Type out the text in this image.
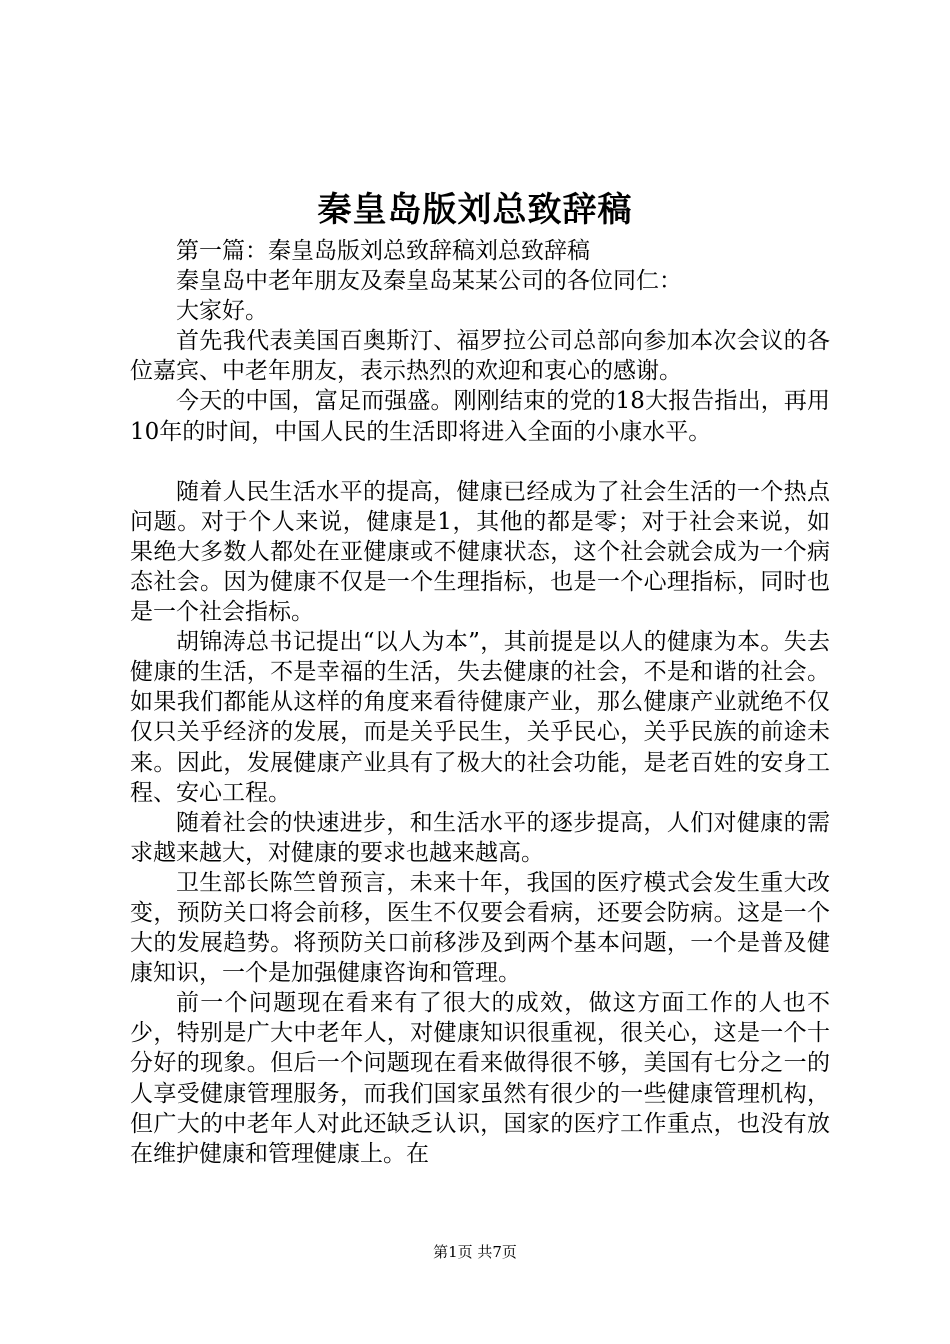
秦皇岛版刘总致辞稿

第一篇：秦皇岛版刘总致辞稿刘总致辞稿

秦皇岛中老年朋友及秦皇岛某某公司的各位同仁：

大家好。

首先我代表美国百奥斯汀、福罗拉公司总部向参加本次会议的各位嘉宾、中老年朋友，表示热烈的欢迎和衷心的感谢。

今天的中国，富足而强盛。刚刚结束的党的18大报告指出，再用10年的时间，中国人民的生活即将进入全面的小康水平。

随着人民生活水平的提高，健康已经成为了社会生活的一个热点问题。对于个人来说，健康是1，其他的都是零；对于社会来说，如果绝大多数人都处在亚健康或不健康状态，这个社会就会成为一个病态社会。因为健康不仅是一个生理指标，也是一个心理指标，同时也是一个社会指标。

胡锦涛总书记提出“以人为本”，其前提是以人的健康为本。失去健康的生活，不是幸福的生活，失去健康的社会，不是和谐的社会。如果我们都能从这样的角度来看待健康产业，那么健康产业就绝不仅仅只关乎经济的发展，而是关乎民生，关乎民心，关乎民族的前途未来。因此，发展健康产业具有了极大的社会功能，是老百姓的安身工程、安心工程。

随着社会的快速进步，和生活水平的逐步提高，人们对健康的需求越来越大，对健康的要求也越来越高。

卫生部长陈竺曾预言，未来十年，我国的医疗模式会发生重大改变，预防关口将会前移，医生不仅要会看病，还要会防病。这是一个大的发展趋势。将预防关口前移涉及到两个基本问题，一个是普及健康知识，一个是加强健康咨询和管理。

前一个问题现在看来有了很大的成效，做这方面工作的人也不少，特别是广大中老年人，对健康知识很重视，很关心，这是一个十分好的现象。但后一个问题现在看来做得很不够，美国有七分之一的人享受健康管理服务，而我们国家虽然有很少的一些健康管理机构，但广大的中老年人对此还缺乏认识，国家的医疗工作重点，也没有放在维护健康和管理健康上。在

第1页 共7页
